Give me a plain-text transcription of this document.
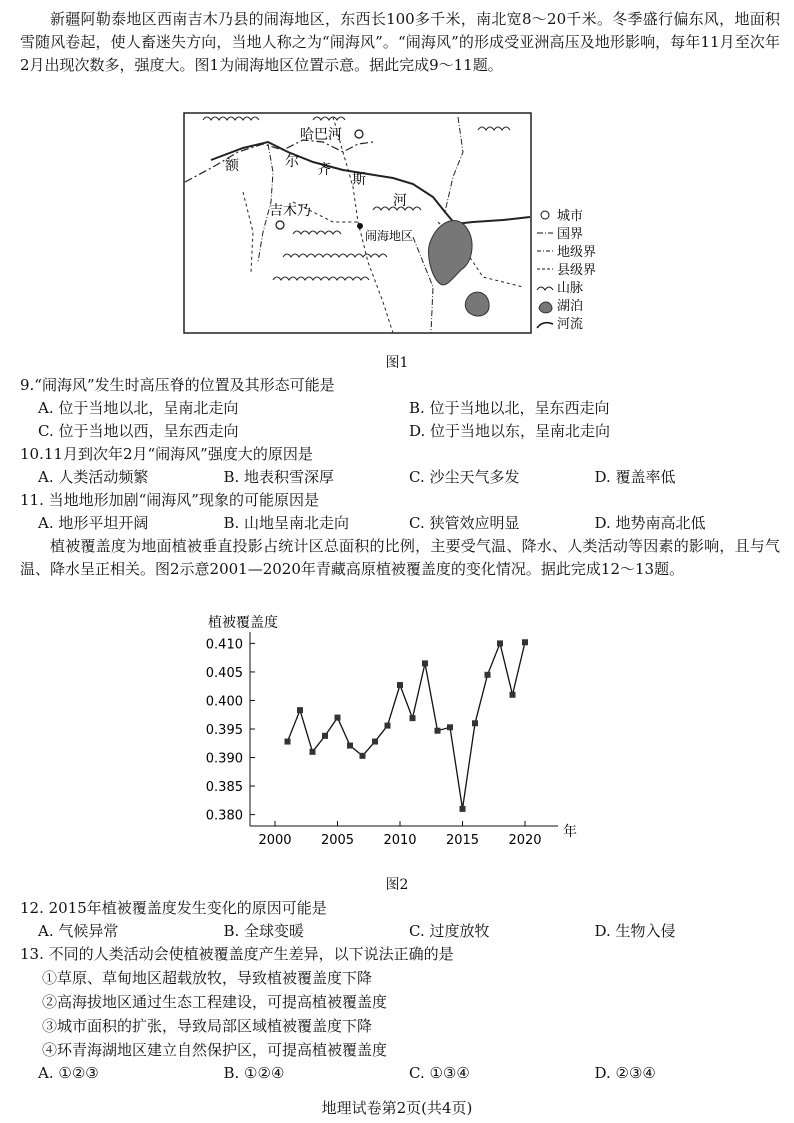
新疆阿勒泰地区西南吉木乃县的闹海地区，东西长100多千米，南北宽8～20千米。冬季盛行偏东风，地面积雪随风卷起，使人畜迷失方向，当地人称之为“闹海风”。“闹海风”的形成受亚洲高压及地形影响，每年11月至次年2月出现次数多，强度大。图1为闹海地区位置示意。据此完成9～11题。

哈巴河
吉木乃
闹海地区
额	尔 齐
斯
河
城市
国界
地级界
县级界
山脉
湖泊
河流
图1

9.“闹海风”发生时高压脊的位置及其形态可能是

A. 位于当地以北，呈南北走向	B. 位于当地以北，呈东西走向
C. 位于当地以西，呈东西走向	D. 位于当地以东，呈南北走向

10.11月到次年2月“闹海风”强度大的原因是

A. 人类活动频繁	B. 地表积雪深厚	C. 沙尘天气多发	D. 覆盖率低

11. 当地地形加剧“闹海风”现象的可能原因是

A. 地形平坦开阔	B. 山地呈南北走向	C. 狭管效应明显	D. 地势南高北低

植被覆盖度为地面植被垂直投影占统计区总面积的比例，主要受气温、降水、人类活动等因素的影响，且与气温、降水呈正相关。图2示意2001—2020年青藏高原植被覆盖度的变化情况。据此完成12～13题。

植被覆盖度
年
0.410
0.405
0.400
0.395
0.390
0.385
0.380
2000 2005 2010 2015 2020
图2

12. 2015年植被覆盖度发生变化的原因可能是

A. 气候异常	B. 全球变暖	C. 过度放牧	D. 生物入侵

13. 不同的人类活动会使植被覆盖度产生差异，以下说法正确的是

①草原、草甸地区超载放牧，导致植被覆盖度下降
②高海拔地区通过生态工程建设，可提高植被覆盖度
③城市面积的扩张，导致局部区域植被覆盖度下降
④环青海湖地区建立自然保护区，可提高植被覆盖度
A. ①②③	B. ①②④	C. ①③④	D. ②③④
地理试卷第2页(共4页)
